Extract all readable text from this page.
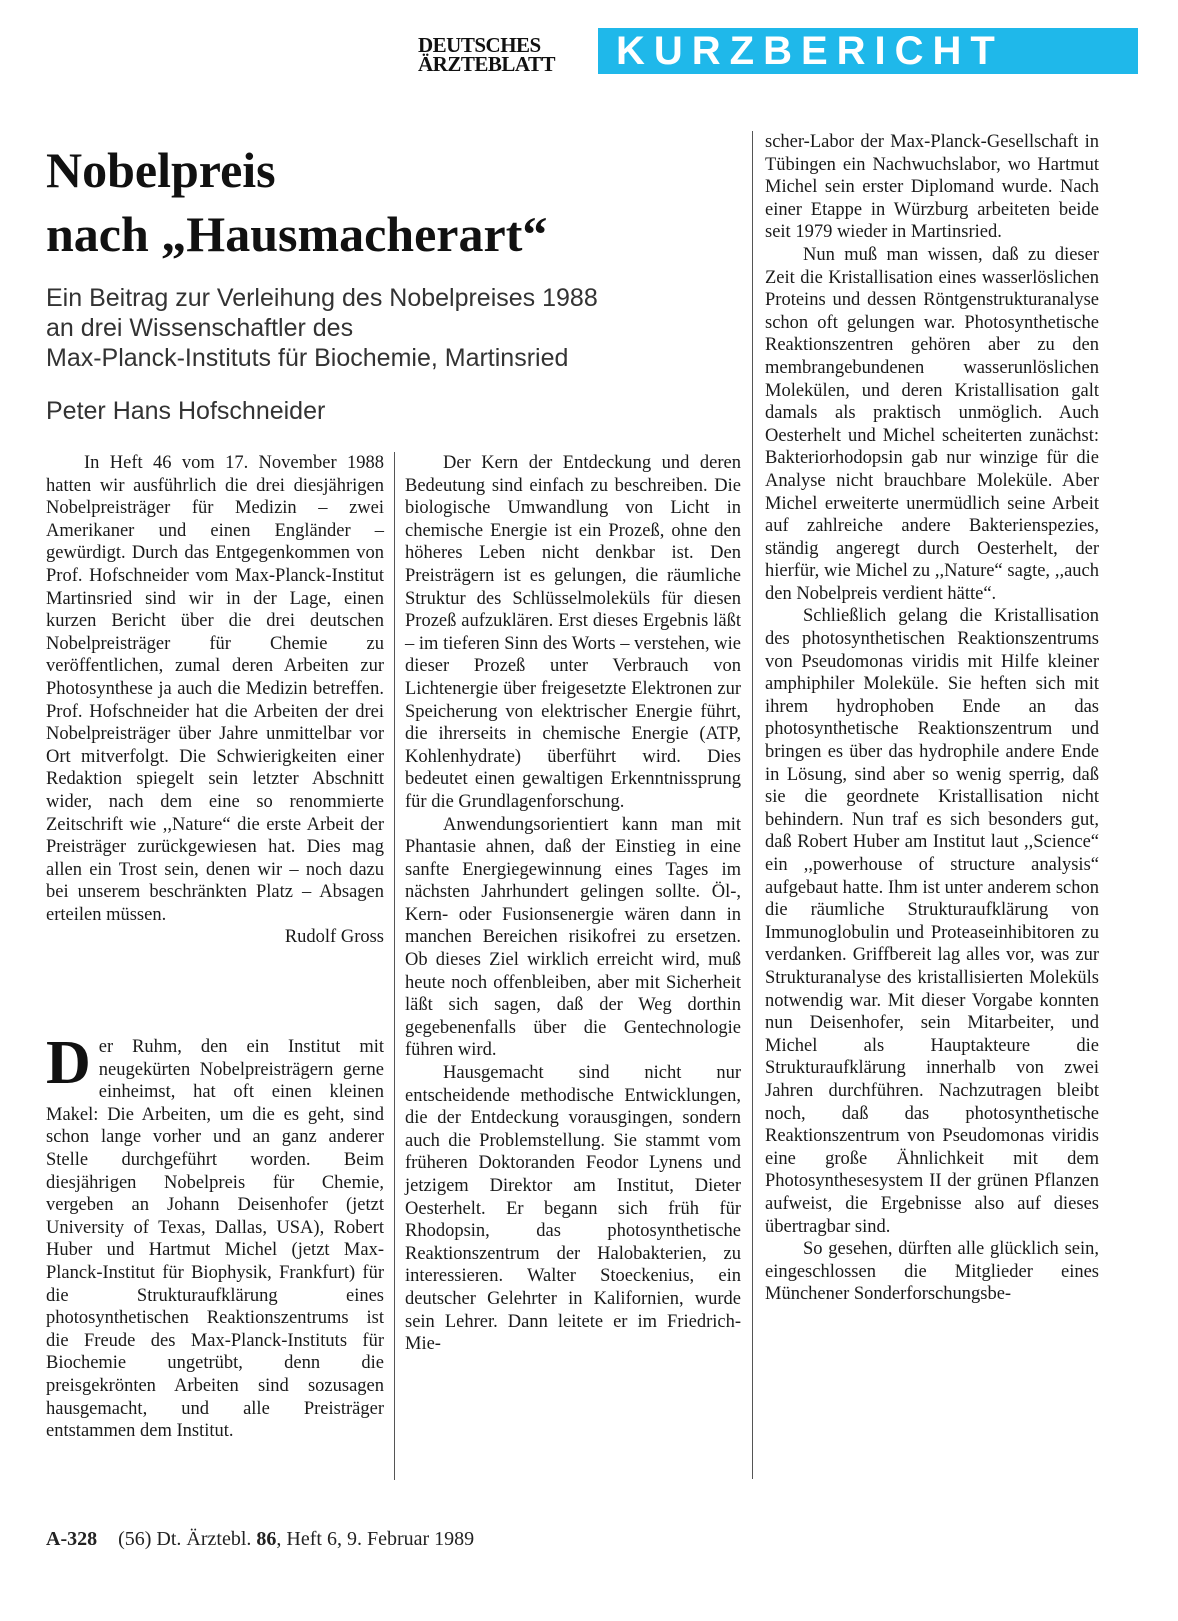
DEUTSCHES
ÄRZTEBLATT	KURZBERICHT
Nobelpreis
nach „Hausmacherart“
Ein Beitrag zur Verleihung des Nobelpreises 1988
an drei Wissenschaftler des
Max-Planck-Instituts für Biochemie, Martinsried
Peter Hans Hofschneider

In Heft 46 vom 17. November 1988 hatten wir ausführlich die drei diesjährigen Nobelpreisträger für Medizin – zwei Amerikaner und einen Engländer – gewürdigt. Durch das Entgegenkommen von Prof. Hofschneider vom Max-Planck-Institut Martinsried sind wir in der Lage, einen kurzen Bericht über die drei deutschen Nobelpreisträger für Chemie zu veröffentlichen, zumal deren Arbeiten zur Photosynthese ja auch die Medizin betreffen. Prof. Hofschneider hat die Arbeiten der drei Nobelpreisträger über Jahre unmittelbar vor Ort mitverfolgt. Die Schwierigkeiten einer Redaktion spiegelt sein letzter Abschnitt wider, nach dem eine so renommierte Zeitschrift wie ,,Nature“ die erste Arbeit der Preisträger zurückgewiesen hat. Dies mag allen ein Trost sein, denen wir – noch dazu bei unserem beschränkten Platz – Absagen erteilen müssen.

Rudolf Gross

Der Ruhm, den ein Institut mit neugekürten Nobelpreisträgern gerne einheimst, hat oft einen kleinen Makel: Die Arbeiten, um die es geht, sind schon lange vorher und an ganz anderer Stelle durchgeführt worden. Beim diesjährigen Nobelpreis für Chemie, vergeben an Johann Deisenhofer (jetzt University of Texas, Dallas, USA), Robert Huber und Hartmut Michel (jetzt Max-Planck-Institut für Biophysik, Frankfurt) für die Strukturaufklärung eines photosynthetischen Reaktionszentrums ist die Freude des Max-Planck-Instituts für Biochemie ungetrübt, denn die preisgekrönten Arbeiten sind sozusagen hausgemacht, und alle Preisträger entstammen dem Institut.

Der Kern der Entdeckung und deren Bedeutung sind einfach zu beschreiben. Die biologische Umwandlung von Licht in chemische Energie ist ein Prozeß, ohne den höheres Leben nicht denkbar ist. Den Preisträgern ist es gelungen, die räumliche Struktur des Schlüsselmoleküls für diesen Prozeß aufzuklären. Erst dieses Ergebnis läßt – im tieferen Sinn des Worts – verstehen, wie dieser Prozeß unter Verbrauch von Lichtenergie über freigesetzte Elektronen zur Speicherung von elektrischer Energie führt, die ihrerseits in chemische Energie (ATP, Kohlenhydrate) überführt wird. Dies bedeutet einen gewaltigen Erkenntnissprung für die Grundlagenforschung.

Anwendungsorientiert kann man mit Phantasie ahnen, daß der Einstieg in eine sanfte Energiegewinnung eines Tages im nächsten Jahrhundert gelingen sollte. Öl-, Kern- oder Fusionsenergie wären dann in manchen Bereichen risikofrei zu ersetzen. Ob dieses Ziel wirklich erreicht wird, muß heute noch offenbleiben, aber mit Sicherheit läßt sich sagen, daß der Weg dorthin gegebenenfalls über die Gentechnologie führen wird.

Hausgemacht sind nicht nur entscheidende methodische Entwicklungen, die der Entdeckung vorausgingen, sondern auch die Problemstellung. Sie stammt vom früheren Doktoranden Feodor Lynens und jetzigem Direktor am Institut, Dieter Oesterhelt. Er begann sich früh für Rhodopsin, das photosynthetische Reaktionszentrum der Halobakterien, zu interessieren. Walter Stoeckenius, ein deutscher Gelehrter in Kalifornien, wurde sein Lehrer. Dann leitete er im Friedrich-Mie-

scher-Labor der Max-Planck-Gesellschaft in Tübingen ein Nachwuchslabor, wo Hartmut Michel sein erster Diplomand wurde. Nach einer Etappe in Würzburg arbeiteten beide seit 1979 wieder in Martinsried.

Nun muß man wissen, daß zu dieser Zeit die Kristallisation eines wasserlöslichen Proteins und dessen Röntgenstrukturanalyse schon oft gelungen war. Photosynthetische Reaktionszentren gehören aber zu den membrangebundenen wasserunlöslichen Molekülen, und deren Kristallisation galt damals als praktisch unmöglich. Auch Oesterhelt und Michel scheiterten zunächst: Bakteriorhodopsin gab nur winzige für die Analyse nicht brauchbare Moleküle. Aber Michel erweiterte unermüdlich seine Arbeit auf zahlreiche andere Bakterienspezies, ständig angeregt durch Oesterhelt, der hierfür, wie Michel zu ,,Nature“ sagte, ,,auch den Nobelpreis verdient hätte“.

Schließlich gelang die Kristallisation des photosynthetischen Reaktionszentrums von Pseudomonas viridis mit Hilfe kleiner amphiphiler Moleküle. Sie heften sich mit ihrem hydrophoben Ende an das photosynthetische Reaktionszentrum und bringen es über das hydrophile andere Ende in Lösung, sind aber so wenig sperrig, daß sie die geordnete Kristallisation nicht behindern. Nun traf es sich besonders gut, daß Robert Huber am Institut laut ,,Science“ ein ,,powerhouse of structure analysis“ aufgebaut hatte. Ihm ist unter anderem schon die räumliche Strukturaufklärung von Immunoglobulin und Proteaseinhibitoren zu verdanken. Griffbereit lag alles vor, was zur Strukturanalyse des kristallisierten Moleküls notwendig war. Mit dieser Vorgabe konnten nun Deisenhofer, sein Mitarbeiter, und Michel als Hauptakteure die Strukturaufklärung innerhalb von zwei Jahren durchführen. Nachzutragen bleibt noch, daß das photosynthetische Reaktionszentrum von Pseudomonas viridis eine große Ähnlichkeit mit dem Photosynthesesystem II der grünen Pflanzen aufweist, die Ergebnisse also auf dieses übertragbar sind.

So gesehen, dürften alle glücklich sein, eingeschlossen die Mitglieder eines Münchener Sonderforschungsbe-

A-328 (56) Dt. Ärztebl. 86, Heft 6, 9. Februar 1989
